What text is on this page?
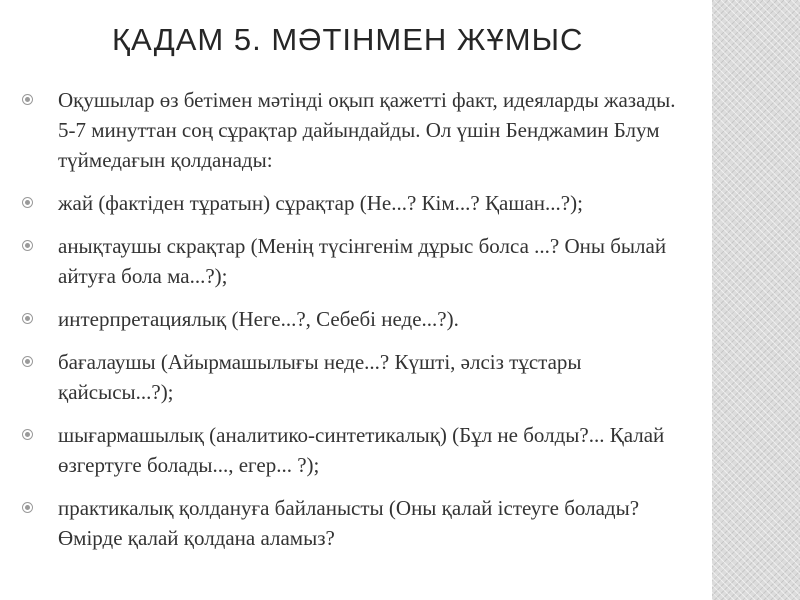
ҚАДАМ 5. МӘТІНМЕН ЖҰМЫС
Оқушылар өз бетімен мәтінді оқып қажетті факт, идеяларды жазады. 5-7 минуттан соң сұрақтар дайындайды. Ол үшін Бенджамин Блум түймедағын қолданады:
жай (фактіден тұратын) сұрақтар (Не...? Кім...? Қашан...?);
анықтаушы скрақтар (Менің түсінгенім дұрыс болса ...? Оны былай айтуға бола ма...?);
интерпретациялық (Неге...?, Себебі неде...?).
бағалаушы (Айырмашылығы неде...? Күшті, әлсіз тұстары қайсысы...?);
шығармашылық (аналитико-синтетикалық) (Бұл не болды?... Қалай өзгертуге болады..., егер... ?);
практикалық қолдануға байланысты (Оны қалай істеуге болады? Өмірде қалай қолдана аламыз?
